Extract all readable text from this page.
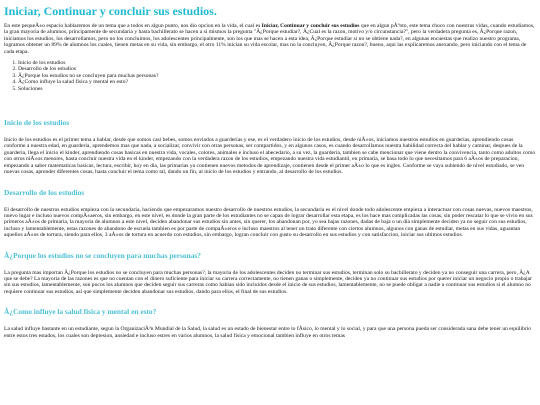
Iniciar, Continuar y concluir sus estudios.

En este pequeÃ±o espacio hablaremos de un tema que a todos en algun punto, nos dio opcion en la vida, el cual es Iniciar, Continuar y concluir sus estudios que en algun pÃºnto, este tema choco con nuestras vidas, cuando estudiamos, la gran mayoria de alumnos, principamente de secundaria y hasta bachillerato se hacen a si mismos la pregunta "Â¿Porque estudiar?, Â¿Cual es la razon, motivo y/o circunstancia?", pero la verdadera pregunta es, Â¿Porque razon, iniciamos los estudios, los desarrollamos, pero no los concluimos, los adolescentes principalmente, son los que mas se hacen a esta idea, Â¿Porque estudiar si no se obtiene nada?, en algunas encuestas que realizo nuestro programa, logramos obtener un 89% de alumnos los cuales, tienen metas en su vida, sin embargo, el otro 11% inician su vida escolar, mas no la concluyen, Â¿Porque razon?, bueno, aqui las explicaremos anexando, pero iniciando con el tema de cada etapa.

1. Inicio de los estudios
2. Desarrollo de los estudios
3. Â¿Porque los estudios no se concluyen para muchas personas?
4. Â¿Como influye la salud fisica y mental en esto?
5. Soluciones
Inicio de los estudios

Inicio de los estudios es el primer tema a hablar, desde que somos casi bebes, somos enviados a guarderias y ese, es el verdadero inicio de los estudios, desde niÃ±os, iniciamos nuestros estudios en guarderias, aprendiendo cosas conforme a nuestra edad, en guarderia, aprendemos mas que nada, a socializar, convivir con otras personas, ser compartidos, y en algunos casos, es cuando desarrollamos nuestra habilidad correcta del hablar y caminar, despues de la guarderia, llega el inicio el kinder, aprendiendo cosas basicas en nuestra vida, vocales, colores, animales e incluso el abecedario, a su vez, la guarderia, tambien se cabe mencionar que viene dentro la convivencia, tanto como adultos como con otros niÃ±os menores, hasta concluir nuestra vida en el kinder, empezando con la verdadera razon de los estudios, empezando nuestra vida estudiantil, en primaria, se basa todo lo que necesitamos para 6 aÃ±os de preparacion, empezando a saber matematicas basicas, lectura, escribir, hoy en dia, las primarias ya contienen nuevos metodos de aprendizaje, contienen desde el primer aÃ±o lo que es ingles. Conforme se vaya subiendo de nivel estudiado, se ven nuevas cosas, aprender diferentes cosas, hasta concluir el tema como tal, dando un fin, al inicio de los estudios y entrando, al desarrollo de los estudios.

Desarrollo de los estudios

El desarrollo de nuestros estudios empieza con la secundaria, haciendo que empezaramos nuestro desarrollo de nuestros estudios, la secundaria es el nivel donde todo adolescente empieza a interactuar con cosas nuevas, nuevos maestros, nuevo lugar e incluso nuevos compÃ±aeros, sin embargo, en este nivel, es donde la gran parte de los estudiantes no se capan de lograr desarrollar esta etapa, es los hace mas complicadas las cosas, sin poder rescatar lo que se vivio en sus primeros aÃ±os de primaria, la mayoria de alumnos a este nivel, deciden abandonar sus estudios sin antes, sin querer, los abandonan por, yo sea bajas razones, dadas de baja o un dia simplemente deciden ya no seguir con sus estudios, incluso y lamentablemente, estas razones de abandono de escuela tambien es por parte de compaÃ±eros e incluso maestros al tener un trato diferente con ciertos alumnos, algunos con ganas de estudiar, metas en sus vidas, aguantan aquellos aÃ±os de tortura, siendo para ellos, 3 aÃ±os de tortura en acuerdo con estudios, sin embargo, logran concluir con gusto su desarrollo en sus estudios y con satisfaccion, iniciar sus ultimos estudios.

Â¿Porque los estudios no se concluyen para muchas personas?

La pregunta mas importan Â¿Porque los estudios no se concluyen para muchas personas?, la mayoria de los adolescentes deciden no terminar sus estudios, terminan solo su bachillerato y deciden ya no conseguir una carrera, pero, Â¿A que se debe? La mayoria de las razones es que no cuentan con el dinero suficiente para iniciar su carrera correctamente, no tienen ganas o simplemente, deciden ya no continuar sus estudios por querer iniciar un negocio propio o trabajar sin sus estudios, lamentablemente, son pocos los alumnos que deciden seguir sus carreras como habian sido incluidos desde el inicio de sus estudios, lamentablemente, no se puede obligar a nadie a continuar sus estudios si el alumno no requiere continuar sus estudios, asi que simplemente deciden abandonar sus estudios, dando para ellos, el final de sus estudios.

Â¿Como influye la salud fisica y mental en esto?

La salud influye bastante en un estudiante, segun la OrganizaciÃ³n Mundial de la Salud, la salud es un estado de bienestar entre lo fÃsico, lo mental y lo social, y para que una persona pueda ser considerada sana debe tener un equilibrio entre estos tres estados, los cuales son depresion, ansiedad e incluso estres en varios alumnos, la salud fisica y emocional tambien influye en otros temas
